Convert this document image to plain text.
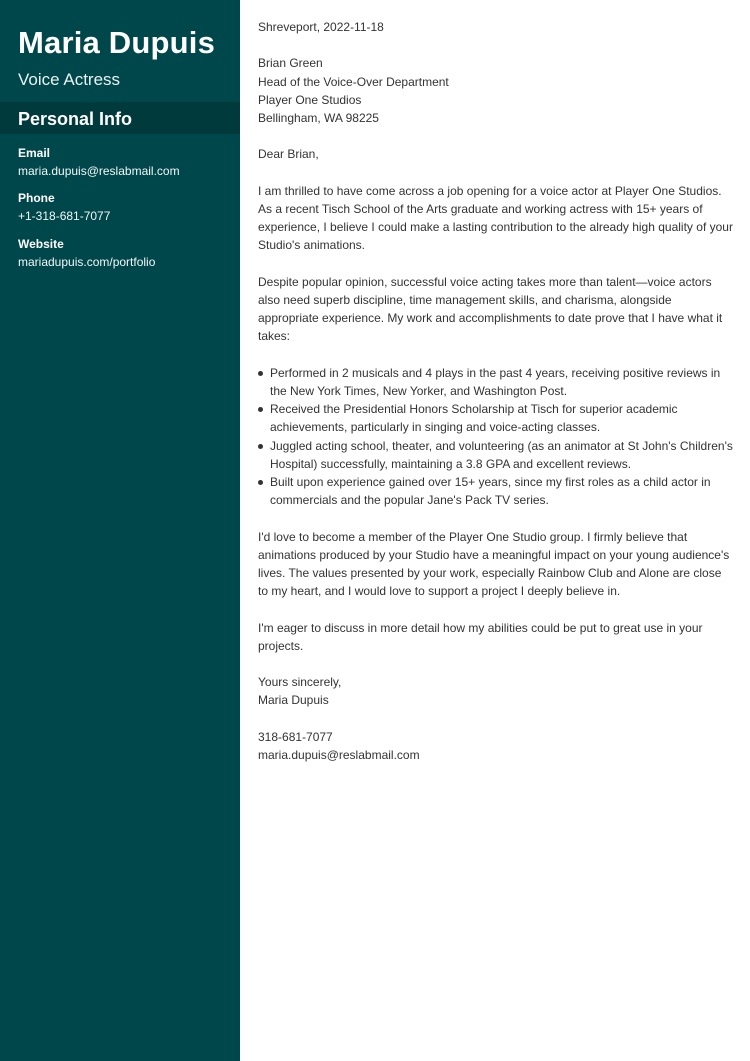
Maria Dupuis
Voice Actress
Personal Info
Email
maria.dupuis@reslabmail.com
Phone
+1-318-681-7077
Website
mariadupuis.com/portfolio

Shreveport, 2022-11-18

Brian Green

Head of the Voice-Over Department

Player One Studios

Bellingham, WA 98225

Dear Brian,

I am thrilled to have come across a job opening for a voice actor at Player One Studios. As a recent Tisch School of the Arts graduate and working actress with 15+ years of experience, I believe I could make a lasting contribution to the already high quality of your Studio's animations.

Despite popular opinion, successful voice acting takes more than talent—voice actors also need superb discipline, time management skills, and charisma, alongside appropriate experience. My work and accomplishments to date prove that I have what it takes:

Performed in 2 musicals and 4 plays in the past 4 years, receiving positive reviews in the New York Times, New Yorker, and Washington Post.
Received the Presidential Honors Scholarship at Tisch for superior academic achievements, particularly in singing and voice-acting classes.
Juggled acting school, theater, and volunteering (as an animator at St John's Children's Hospital) successfully, maintaining a 3.8 GPA and excellent reviews.
Built upon experience gained over 15+ years, since my first roles as a child actor in commercials and the popular Jane's Pack TV series.

I'd love to become a member of the Player One Studio group. I firmly believe that animations produced by your Studio have a meaningful impact on your young audience's lives. The values presented by your work, especially Rainbow Club and Alone are close to my heart, and I would love to support a project I deeply believe in.

I'm eager to discuss in more detail how my abilities could be put to great use in your projects.

Yours sincerely,

Maria Dupuis

318-681-7077

maria.dupuis@reslabmail.com
